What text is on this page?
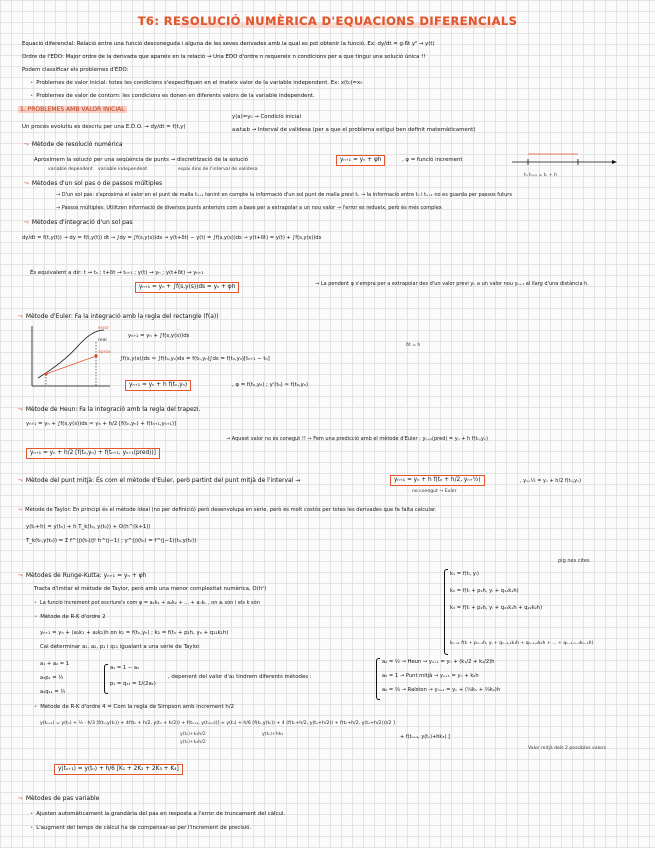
T6: RESOLUCIÓ NUMÈRICA D'EQUACIONS DIFERENCIALS
Equació diferencial: Relació entre una funció desconeguda i alguna de les seves derivades amb la qual es pot obtenir la funció. Ex: dy/dt = g·6t y² → y(t)
Ordre de l'EDO: Major ordre de la derivada que apareix en la relació → Una EDO d'ordre n requereix n condicions per a que tingui una solució única !!
Podem classificar els problemes d'EDO:
• Problemes de valor inicial: totes les condicions s'especifiquen en el mateix valor de la variable independent. Ex: x(t₀)=x₀
• Problemes de valor de contorn: les condicions es donen en diferents valors de la variable independent.
1. PROBLEMES AMB VALOR INICIAL
Un procés evolutiu es descriu per una E.D.O. → dy/dt = f(t,y)
y(a)=y₀ → Condició inicial
a≤t≤b → Interval de validesa (per a que el problema estigui ben definit matemàticament)
⤳ Mètode de resolució numèrica
Aproximem la solució per una seqüència de punts → discretització de la solució
variable dependent variable independent	espai dins de l'interval de validesa
yₙ₊₁ = yₙ + φh	, φ = funció increment
tₙ tₙ₊₁ = tₙ + h
⤳ Mètodes d'un sol pas o de passos múltiples
→ D'un sol pas: s'aproxima el valor en el punt de malla tₙ₊₁ tenint en compte la informació d'un sol punt de malla previ tₙ → la informació entre tₙ i tₙ₊₁ no es guarda per passos futurs
→ Passos múltiples: Utilitzen informació de diversos punts anteriors com a base per a extrapolar a un nou valor → l'error es redueix, però és més complex
⤳ Mètodes d'integració d'un sol pas
dy/dt = f(t,y(t)) → dy = f(t,y(t)) dt → ∫dy = ∫f(s,y(s))ds → y(t+δt) − y(t) = ∫f(s,y(s))ds → y(t+δt) = y(t) + ∫f(s,y(s))ds
És equivalent a dir: t → tₙ ; t+δt → tₙ₊₁ ; y(t) → yₙ ; y(t+δt) → yₙ₊₁
yₙ₊₁ = yₙ + ∫f(s,y(s))ds = yₙ + φh	→ La pendent φ s'empra per a extrapolar des d'un valor previ yₙ a un valor nou yₙ₊₁ al llarg d'una distància h.
⤳ Mètode d'Euler: Fa la integració amb la regla del rectangle (f(a))
error
real
aprox
yₙ₊₁ = yₙ + ∫f(s,y(s))ds
∫f(s,y(s))ds ≈ ∫f(tₙ,yₙ)ds = f(tₙ,yₙ)∫ds = f(tₙ,yₙ)[tₙ₊₁ − tₙ]
δt = h
yₙ₊₁ = yₙ + h f(tₙ,yₙ)	, φ = f(tₙ,yₙ) ; y'(tₙ) ≈ f(tₙ,yₙ)
⤳ Mètode de Heun: Fa la integració amb la regla del trapezi.
yₙ₊₁ = yₙ + ∫f(s,y(s))ds ≈ yₙ + h/2 [f(tₙ,yₙ) + f(tₙ₊₁,yₙ₊₁)]
→ Aquest valor no és conegut !! → Fem una predicció amb el mètode d'Euler : yₙ₊₁(pred) = yₙ + h f(tₙ,yₙ)
yₙ₊₁ = yₙ + h/2 [f(tₙ,yₙ) + f(tₙ₊₁, yₙ₊₁(pred))]
⤳ Mètode del punt mitjà: És com el mètode d'Euler, però partint del punt mitjà de l'interval →	yₙ₊₁ = yₙ + h f(tₙ + h/2, yₙ₊½)	, yₙ₊½ = yₙ + h/2 f(tₙ,yₙ)
no conegut → Euler
⤳ Mètode de Taylor: En principi és el mètode ideal (no per definició) però desenvolupa en sèrie, però és molt costós per totes les derivades que fa falta calcular.
y(tₙ+h) = y(tₙ) + h T_k(tₙ, y(tₙ)) + O(h^(k+1))
T_k(tₙ,y(tₙ)) = Σ f^(j)(tₙ)/j! h^(j−1) ; y^(j)(tₙ) = f^(j−1)(tₙ,y(tₙ))
pig nes cites
⤳ Mètodes de Runge-Kutta: yₙ₊₁ = yₙ + φh
Tracta d'imitar el mètode de Taylor, però amb una menor complexitat numèrica, O(hⁿ)
• La funció increment pot escriure's com φ = a₁k₁ + a₂k₂ + ... + aₙkₙ , on aᵢ són i els k són
k₁ = f(tᵢ, yᵢ)
k₂ = f(tᵢ + p₁h, yᵢ + q₁₁k₁h)
k₃ = f(tᵢ + p₂h, yᵢ + q₂₁k₁h + q₂₂k₂h)
kₙ = f(tᵢ + pₙ₋₁h, yᵢ + qₙ₋₁,₁k₁h + qₙ₋₁,₂k₂h + ... + qₙ₋₁,ₙ₋₁kₙ₋₁h)
• Mètode de R-K d'ordre 2
yₙ₊₁ = yₙ + (a₁k₁ + a₂k₂)h on k₁ = f(tₙ,yₙ) ; k₂ = f(tₙ + p₁h, yₙ + q₁₁k₁h)
Cal determinar a₁, a₂, p₁ i q₁₁ igualant a una sèrie de Taylor.
a₁ + a₂ = 1
a₂p₁ = ½
a₂q₁₁ = ½
a₁ = 1 − a₂
p₁ = q₁₁ = 1/(2a₂)
, depenent del valor d'a₂ tindrem diferents mètodes :
a₂ = ½ → Heun → yₙ₊₁ = yₙ + (k₁/2 + k₂/2)h
a₂ = 1 → Punt mitjà → yₙ₊₁ = yₙ + k₂h
a₂ = ⅔ → Ralston → yₙ₊₁ = yₙ + (⅓k₁ + ⅔k₂)h
• Mètode de R-K d'ordre 4 = Com la regla de Simpson amb increment h/2
y(tₙ₊₁) = y(tₙ) + ½ · h/3 [f(tₙ,y(tₙ)) + 4f(tₙ + h/2, y(tₙ + h/2)) + f(tₙ₊₁, y(tₙ₊₁))] ≈ y(tₙ) + h/6 [f(tₙ,y(tₙ)) + 4 (f(tₙ+h/2, y(tₙ+h/2)) + f(tₙ+h/2, y(tₙ+h/2)))/2 ]
y(tₙ)+k₁h/2
y(tₙ)+k₂h/2
y(tₙ)+hk₃	+ f(tₙ₊₁, y(tₙ)+hk₃) ]
Valor mitjà dels 2 possibles valors
y(tₙ₊₁) = y(tₙ) + h/6 [K₁ + 2K₂ + 2K₃ + K₄]
⤳ Mètodes de pas variable
• Ajusten automàticament la grandària del pas en resposta a l'error de truncament del càlcul.
• L'augment del temps de càlcul ha de compensar-se per l'increment de precisió.
